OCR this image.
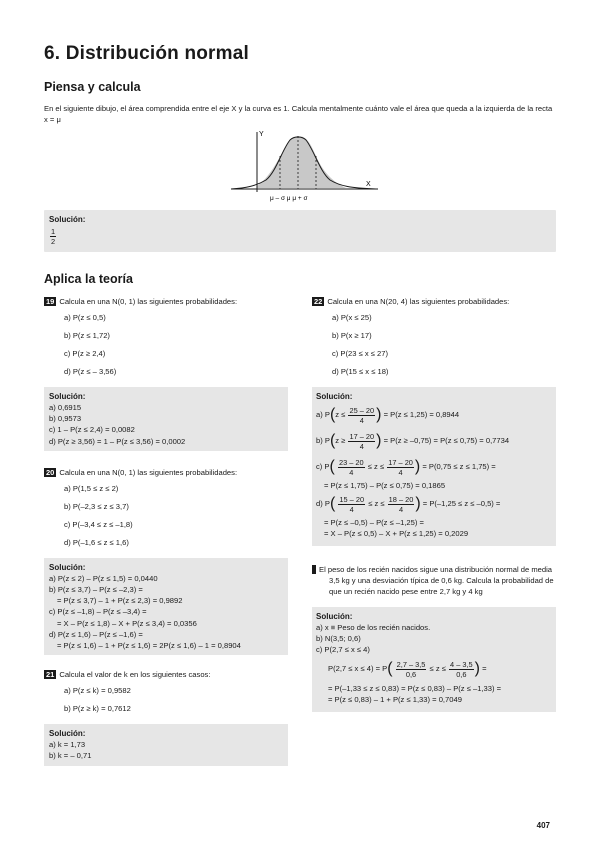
6. Distribución normal
Piensa y calcula
En el siguiente dibujo, el área comprendida entre el eje X y la curva es 1. Calcula mentalmente cuánto vale el área que queda a la izquierda de la recta x = μ
Y
X
μ – σ μ μ + σ
Solución:
$\frac{1}{2}$
Aplica la teoría
19 Calcula en una N(0, 1) las siguientes probabilidades:
a) P(z ≤ 0,5)
b) P(z ≤ 1,72)
c) P(z ≥ 2,4)
d) P(z ≤ – 3,56)
Solución:
a) 0,6915
b) 0,9573
c) 1 – P(z ≤ 2,4) = 0,0082
d) P(z ≥ 3,56) = 1 – P(z ≤ 3,56) = 0,0002
20 Calcula en una N(0, 1) las siguientes probabilidades:
a) P(1,5 ≤ z ≤ 2)
b) P(–2,3 ≤ z ≤ 3,7)
c) P(–3,4 ≤ z ≤ –1,8)
d) P(–1,6 ≤ z ≤ 1,6)
Solución:
a) P(z ≤ 2) – P(z ≤ 1,5) = 0,0440
b) P(z ≤ 3,7) – P(z ≤ –2,3) =
= P(z ≤ 3,7) – 1 + P(z ≤ 2,3) = 0,9892
c) P(z ≤ –1,8) – P(z ≤ –3,4) =
= X – P(z ≤ 1,8) – X + P(z ≤ 3,4) = 0,0356
d) P(z ≤ 1,6) – P(z ≤ –1,6) =
= P(z ≤ 1,6) – 1 + P(z ≤ 1,6) = 2P(z ≤ 1,6) – 1 = 0,8904
21 Calcula el valor de k en los siguientes casos:
a) P(z ≤ k) = 0,9582
b) P(z ≥ k) = 0,7612
Solución:
a) k = 1,73
b) k = – 0,71
22 Calcula en una N(20, 4) las siguientes probabilidades:
a) P(x ≤ 25)
b) P(x ≥ 17)
c) P(23 ≤ x ≤ 27)
d) P(15 ≤ x ≤ 18)
Solución:
a) $P(z \le \frac{25 - 20}{4}$ ) = P(z ≤ 1,25) = 0,8944
b) $P(z \ge \frac{17 - 20}{4}$ ) = P(z ≥ –0,75) = P(z ≤ 0,75) = 0,7734
c) $P( \frac{23 - 20}{4} \le z \le \frac{17 - 20}{4}$ ) = P(0,75 ≤ z ≤ 1,75) =
= P(z ≤ 1,75) – P(z ≤ 0,75) = 0,1865
d) $P( \frac{15 - 20}{4} \le z \le \frac{18 - 20}{4}$ ) = P(–1,25 ≤ z ≤ –0,5) =
= P(z ≤ –0,5) – P(z ≤ –1,25) =
= X – P(z ≤ 0,5) – X + P(z ≤ 1,25) = 0,2029
23 El peso de los recién nacidos sigue una distribución normal de media 3,5 kg y una desviación típica de 0,6 kg. Calcula la probabilidad de que un recién nacido pese entre 2,7 kg y 4 kg
Solución:
a) x ≡ Peso de los recién nacidos.
b) N(3,5; 0,6)
c) P(2,7 ≤ x ≤ 4)
$P(2,7 \le x \le 4) = P( \frac{2,7 - 3,5}{0,6} \le z \le \frac{4 - 3,5}{0,6}$ ) =
= P(–1,33 ≤ z ≤ 0,83) = P(z ≤ 0,83) – P(z ≤ –1,33) =
= P(z ≤ 0,83) – 1 + P(z ≤ 1,33) = 0,7049
407
